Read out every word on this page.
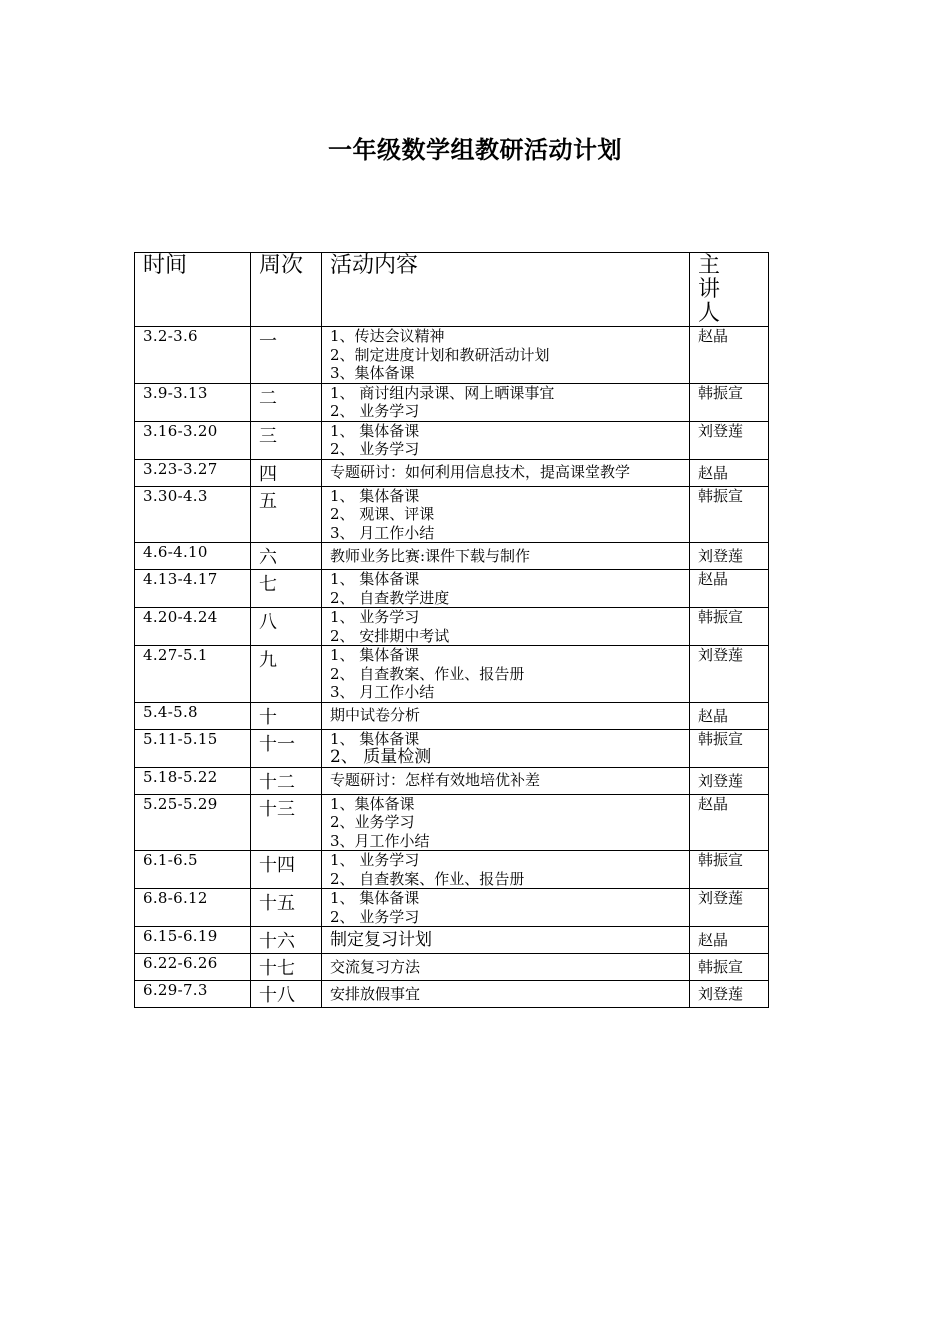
一年级数学组教研活动计划
时间	周次	活动内容	主讲人
3.2-3.6	一	1、传达会议精神
2、制定进度计划和教研活动计划
3、集体备课	赵晶
3.9-3.13	二	1、 商讨组内录课、网上晒课事宜
2、 业务学习	韩振宣
3.16-3.20	三	1、 集体备课
2、 业务学习	刘登莲
3.23-3.27	四	专题研讨：如何利用信息技术，提高课堂教学	赵晶
3.30-4.3	五	1、 集体备课
2、 观课、评课
3、 月工作小结	韩振宣
4.6-4.10	六	教师业务比赛:课件下载与制作	刘登莲
4.13-4.17	七	1、 集体备课
2、 自查教学进度	赵晶
4.20-4.24	八	1、 业务学习
2、 安排期中考试	韩振宣
4.27-5.1	九	1、 集体备课
2、 自查教案、作业、报告册
3、 月工作小结	刘登莲
5.4-5.8	十	期中试卷分析	赵晶
5.11-5.15	十一	1、 集体备课
2、 质量检测	韩振宣
5.18-5.22	十二	专题研讨：怎样有效地培优补差	刘登莲
5.25-5.29	十三	1、集体备课
2、业务学习
3、月工作小结	赵晶
6.1-6.5	十四	1、 业务学习
2、 自查教案、作业、报告册	韩振宣
6.8-6.12	十五	1、 集体备课
2、 业务学习	刘登莲
6.15-6.19	十六	制定复习计划	赵晶
6.22-6.26	十七	交流复习方法	韩振宣
6.29-7.3	十八	安排放假事宜	刘登莲
